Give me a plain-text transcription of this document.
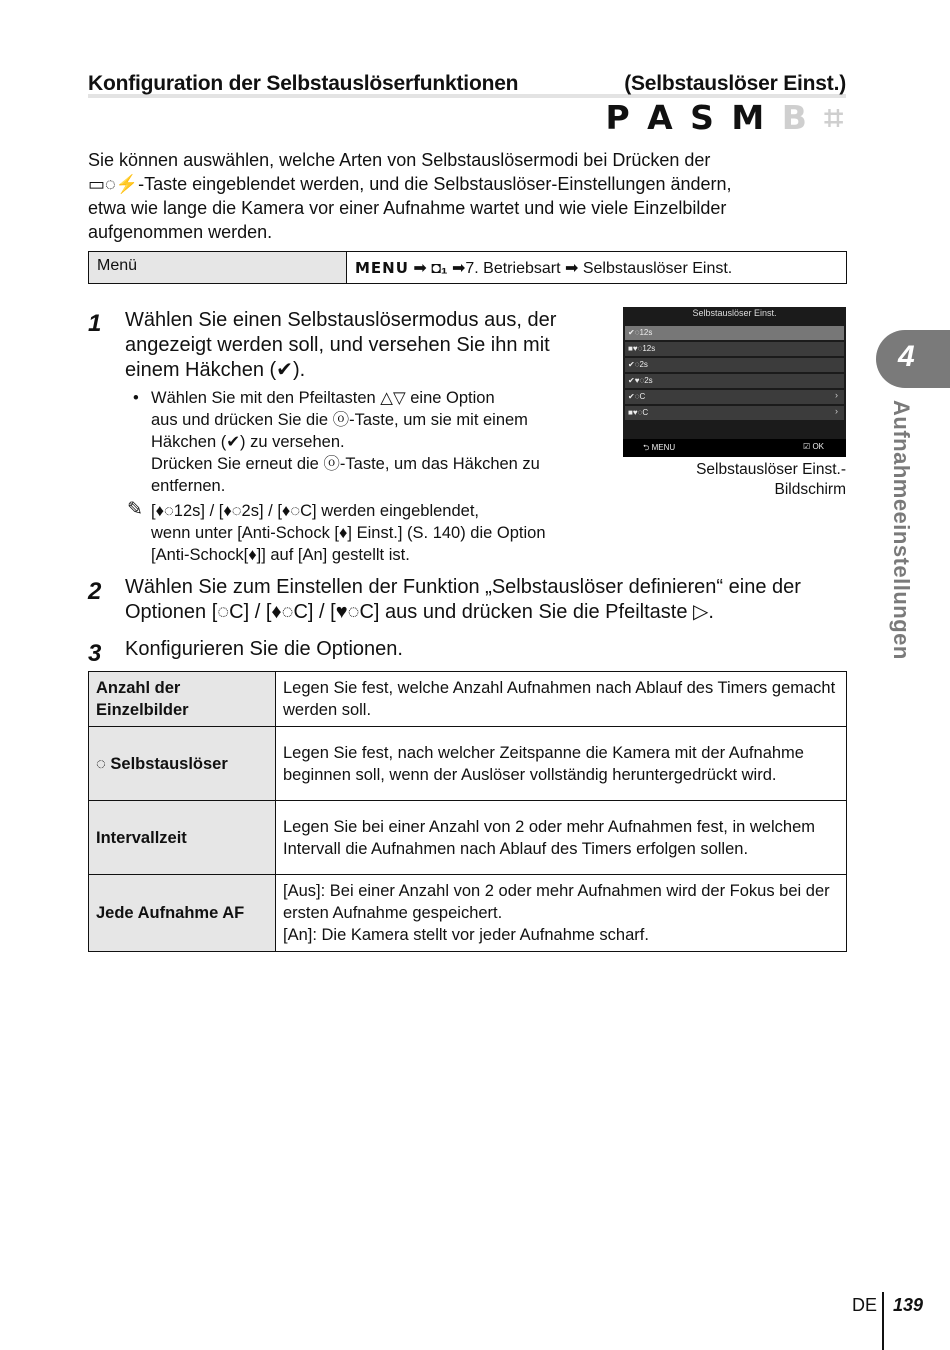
Konfiguration der Selbstauslöserfunktionen	(Selbstauslöser Einst.)
P A S M B ⌗
Sie können auswählen, welche Arten von Selbstauslösermodi bei Drücken der
▭◌⚡-Taste eingeblendet werden, und die Selbstauslöser-Einstellungen ändern,
etwa wie lange die Kamera vor einer Aufnahme wartet und wie viele Einzelbilder
aufgenommen werden.
Menü	MENU ➡ ◘₁ ➡7. Betriebsart ➡ Selbstauslöser Einst.
1 Wählen Sie einen Selbstauslösermodus aus, der
angezeigt werden soll, und versehen Sie ihn mit
einem Häkchen (✔).
• Wählen Sie mit den Pfeiltasten △▽ eine Option
aus und drücken Sie die ⓞ-Taste, um sie mit einem
Häkchen (✔) zu versehen.
Drücken Sie erneut die ⓞ-Taste, um das Häkchen zu
entfernen.
✎ [♦◌12s] / [♦◌2s] / [♦◌C] werden eingeblendet,
wenn unter [Anti-Schock [♦] Einst.] (S. 140) die Option
[Anti-Schock[♦]] auf [An] gestellt ist.
Selbstauslöser Einst.
✔◌12s
■♥◌12s
✔◌2s
✔♥◌2s
✔◌C
■♥◌C
›
›
⮌ MENU	☑ OK
Selbstauslöser Einst.-
Bildschirm
2 Wählen Sie zum Einstellen der Funktion „Selbstauslöser definieren“ eine der
Optionen [◌C] / [♦◌C] / [♥◌C] aus und drücken Sie die Pfeiltaste ▷.
3 Konfigurieren Sie die Optionen.
Anzahl der Einzelbilder	Legen Sie fest, welche Anzahl Aufnahmen nach Ablauf des Timers gemacht werden soll.
◌ Selbstauslöser	Legen Sie fest, nach welcher Zeitspanne die Kamera mit der Aufnahme beginnen soll, wenn der Auslöser vollständig heruntergedrückt wird.
Intervallzeit	Legen Sie bei einer Anzahl von 2 oder mehr Aufnahmen fest, in welchem Intervall die Aufnahmen nach Ablauf des Timers erfolgen sollen.
Jede Aufnahme AF	[Aus]: Bei einer Anzahl von 2 oder mehr Aufnahmen wird der Fokus bei der ersten Aufnahme gespeichert.
[An]: Die Kamera stellt vor jeder Aufnahme scharf.
4
Aufnahmeeinstellungen
DE 139
